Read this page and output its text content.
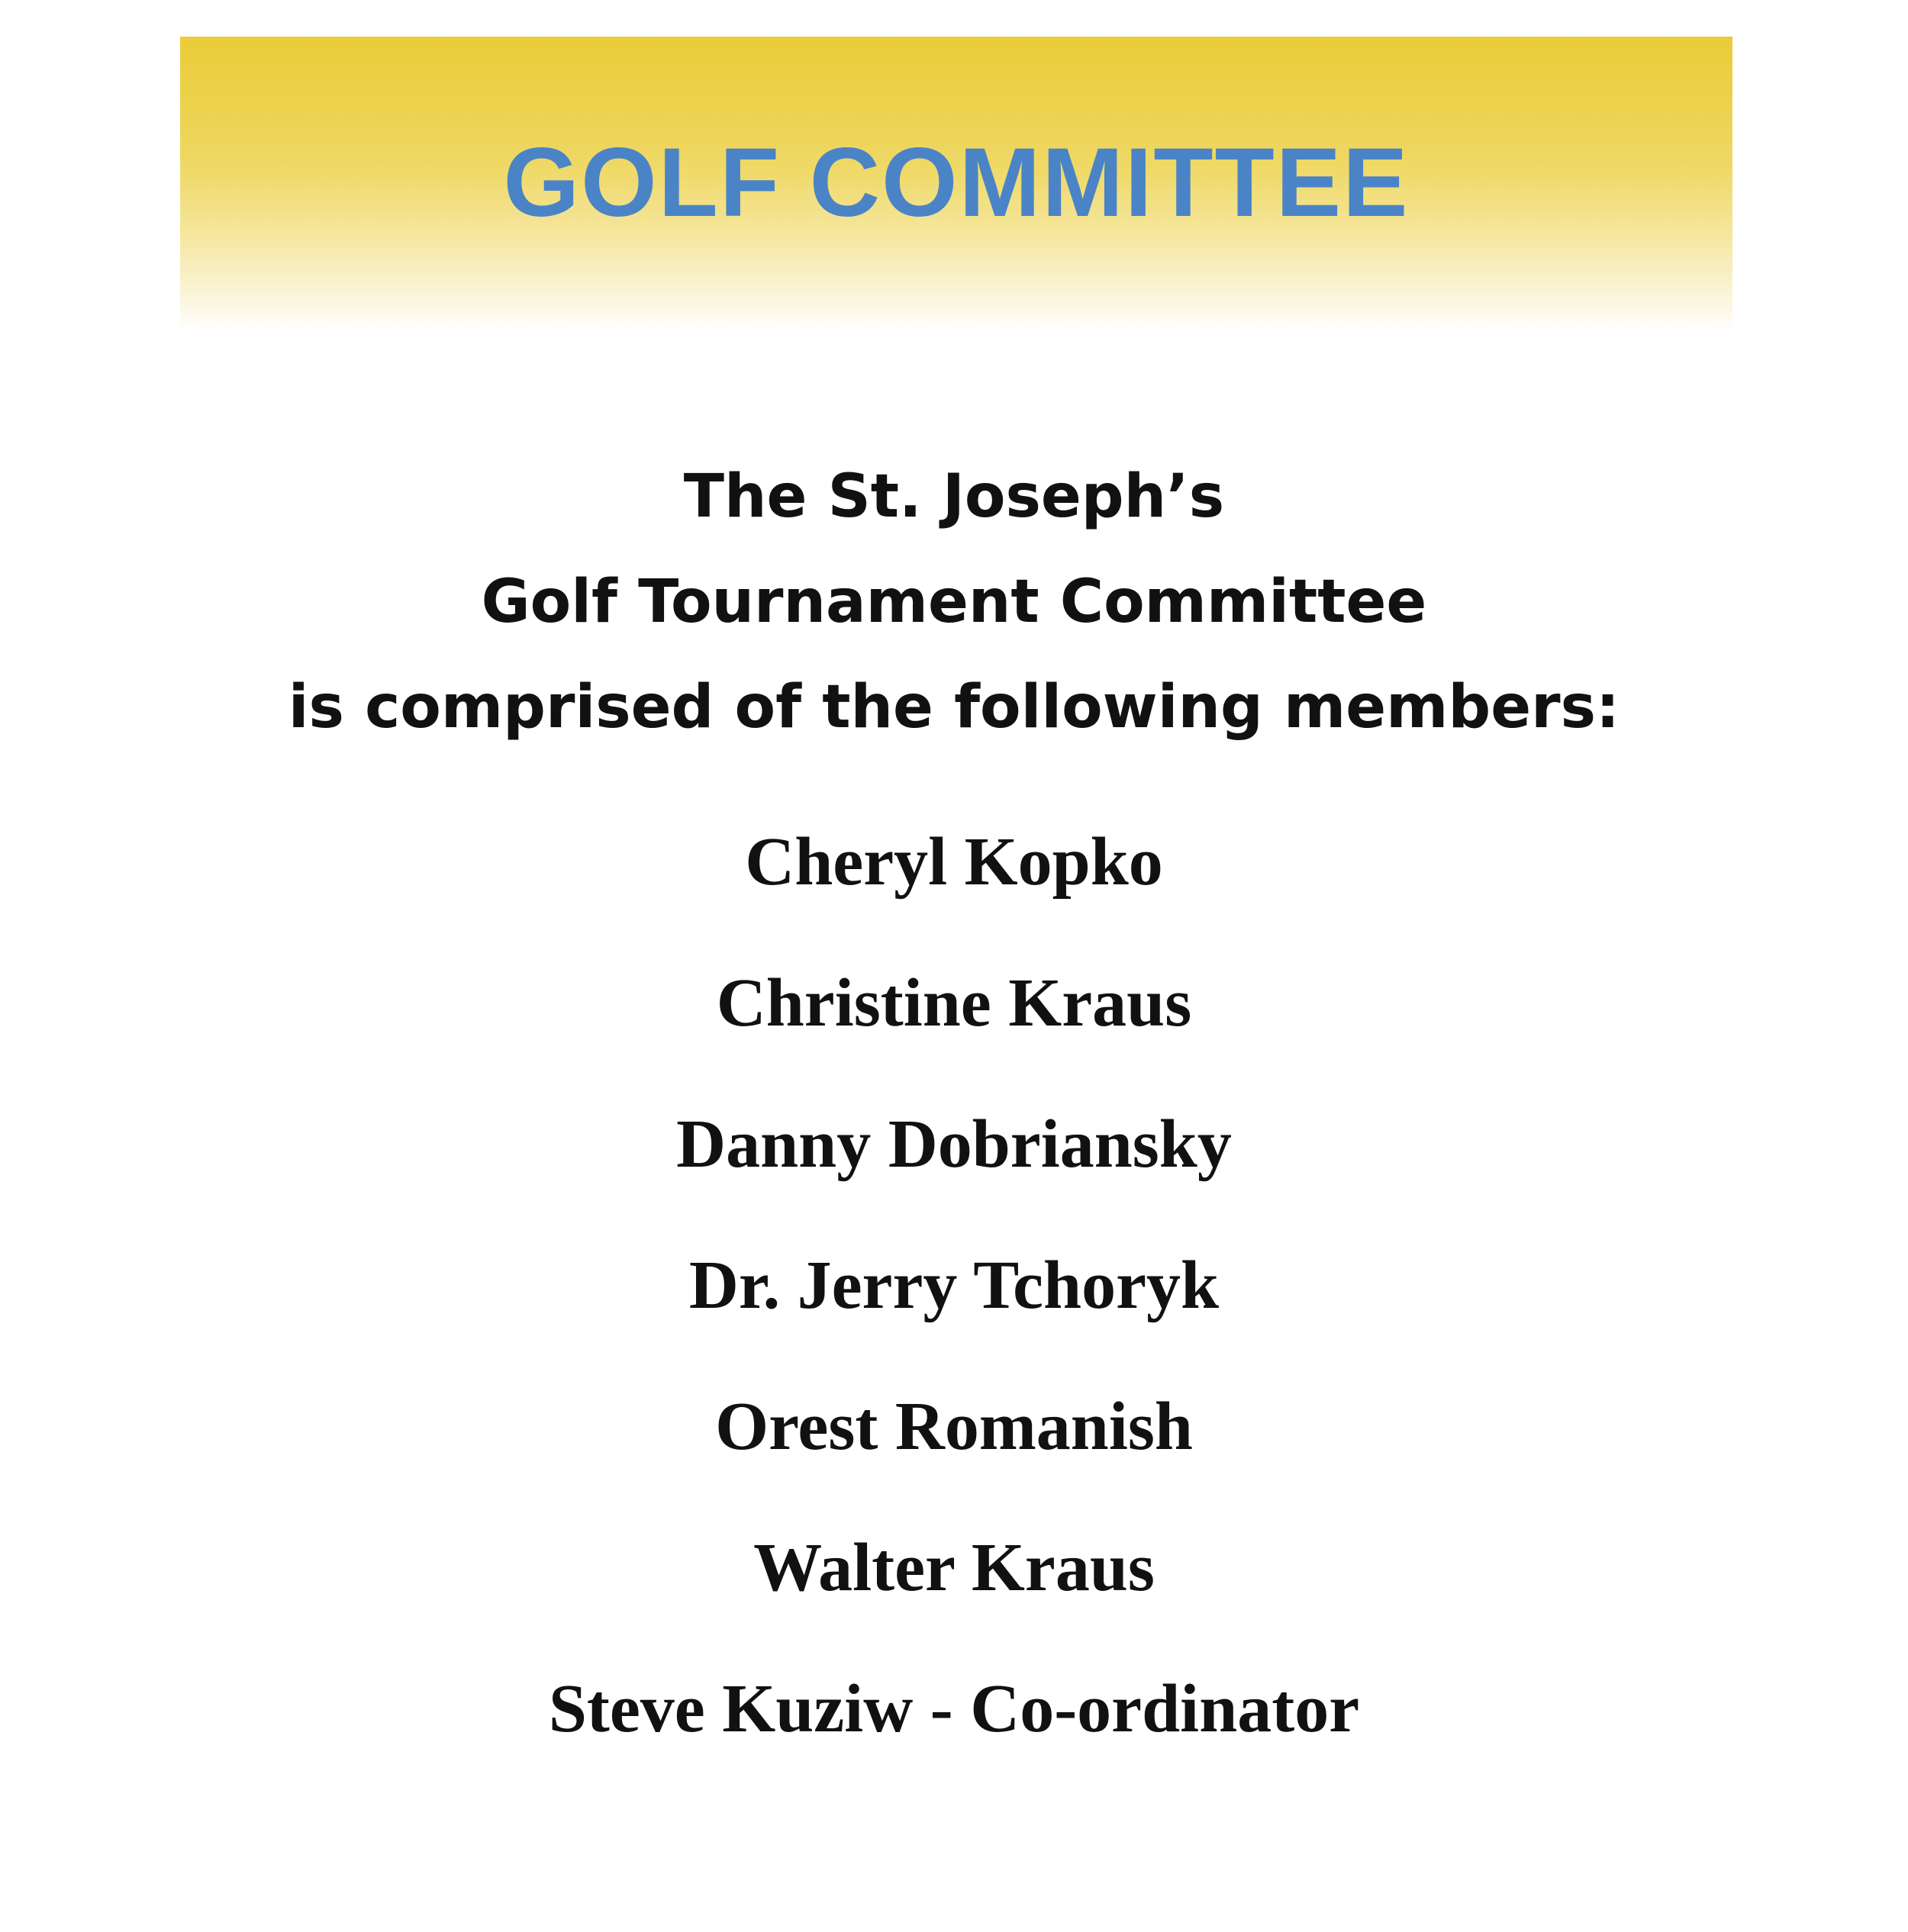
GOLF COMMITTEE
The St. Joseph’s
Golf Tournament Committee
is comprised of the following members:
Cheryl Kopko
Christine Kraus
Danny Dobriansky
Dr. Jerry Tchoryk
Orest Romanish
Walter Kraus
Steve Kuziw - Co-ordinator
